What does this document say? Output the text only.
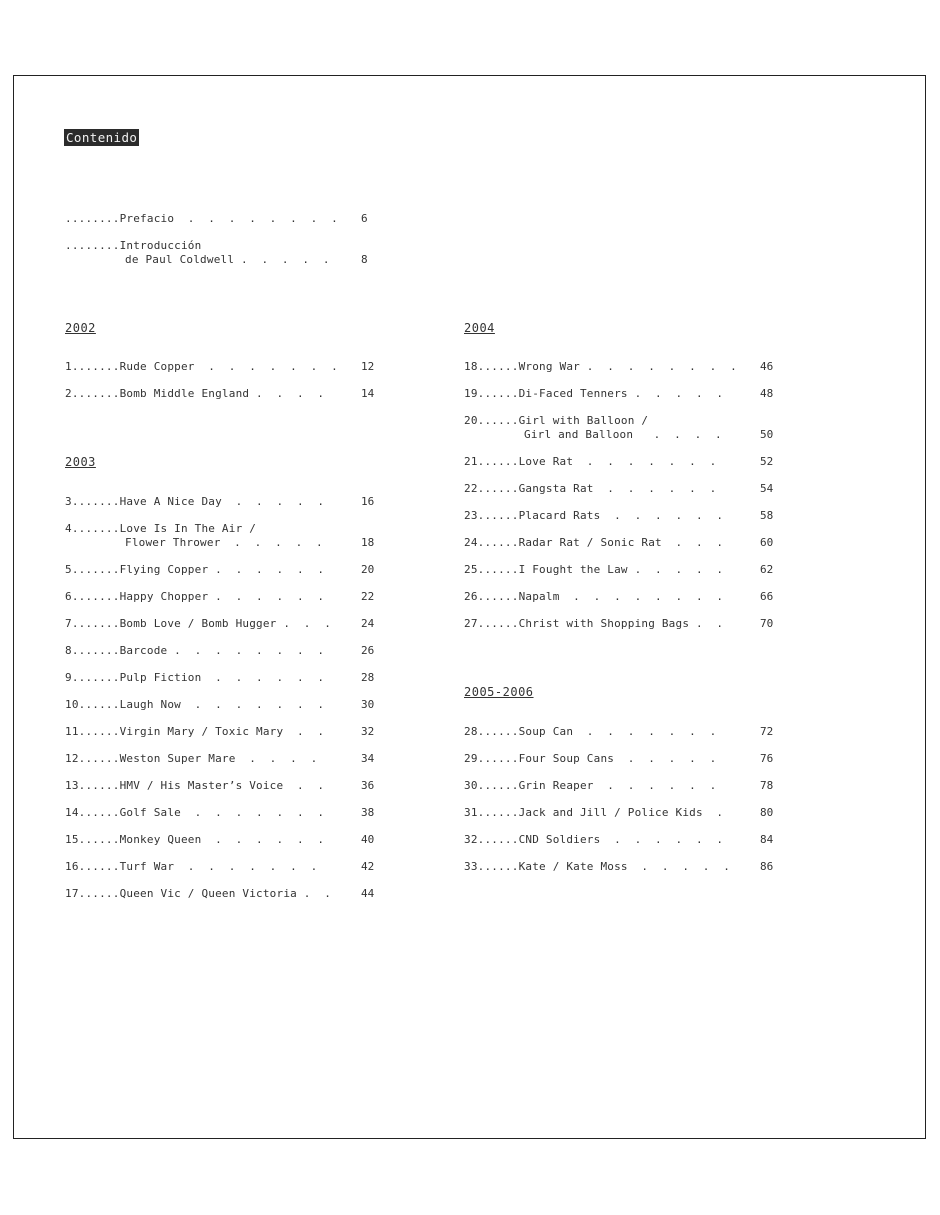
Contenido
........Prefacio  .  .  .  .  .  .  .  . 6
........Introducción
de Paul Coldwell .  .  .  .  .	8
2002
1.......Rude Copper  .  .  .  .  .  .  . 12
2.......Bomb Middle England .  .  .  .	14
2003
3.......Have A Nice Day  .  .  .  .  .	16
4.......Love Is In The Air /
Flower Thrower  .  .  .  .  .	18
5.......Flying Copper .  .  .  .  .  .	20
6.......Happy Chopper .  .  .  .  .  .	22
7.......Bomb Love / Bomb Hugger .  .  .	24
8.......Barcode .  .  .  .  .  .  .  .	26
9.......Pulp Fiction  .  .  .  .  .  .	28
10......Laugh Now  .  .  .  .  .  .  .	30
11......Virgin Mary / Toxic Mary  .  .	32
12......Weston Super Mare  .  .  .  .	34
13......HMV / His Master’s Voice  .  .	36
14......Golf Sale  .  .  .  .  .  .  .	38
15......Monkey Queen  .  .  .  .  .  .	40
16......Turf War  .  .  .  .  .  .  .	42
17......Queen Vic / Queen Victoria .  .	44
2004
18......Wrong War .  .  .  .  .  .  .  . 46
19......Di-Faced Tenners .  .  .  .  .	48
20......Girl with Balloon /
Girl and Balloon   .  .  .  .	50
21......Love Rat  .  .  .  .  .  .  .	52
22......Gangsta Rat  .  .  .  .  .  .	54
23......Placard Rats  .  .  .  .  .  .	58
24......Radar Rat / Sonic Rat  .  .  .	60
25......I Fought the Law .  .  .  .  .	62
26......Napalm  .  .  .  .  .  .  .  .	66
27......Christ with Shopping Bags .  .	70
2005-2006
28......Soup Can  .  .  .  .  .  .  .	72
29......Four Soup Cans  .  .  .  .  .	76
30......Grin Reaper  .  .  .  .  .  .	78
31......Jack and Jill / Police Kids  .	80
32......CND Soldiers  .  .  .  .  .  .	84
33......Kate / Kate Moss  .  .  .  .  .	86
